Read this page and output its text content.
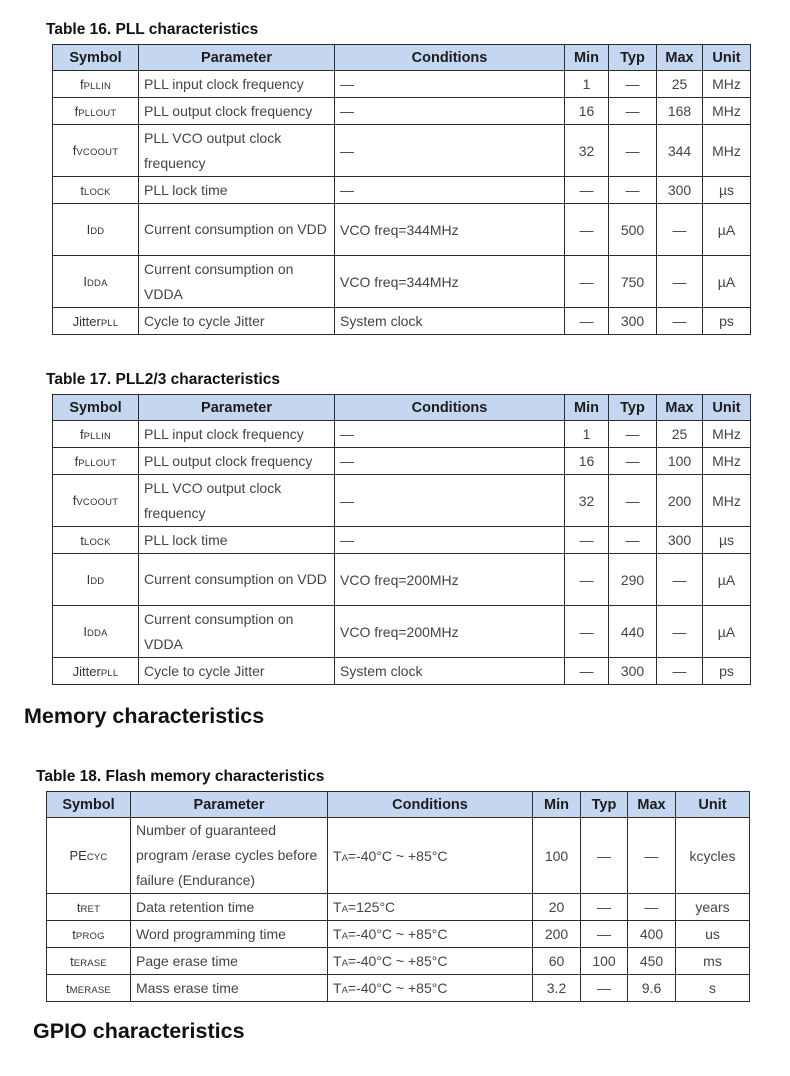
Table 16. PLL characteristics
Symbol	Parameter	Conditions	Min	Typ	Max	Unit
fPLLIN	PLL input clock frequency	—	1	—	25	MHz
fPLLOUT	PLL output clock frequency	—	16	—	168	MHz
fVCOOUT	PLL VCO output clock frequency	—	32	—	344	MHz
tLOCK	PLL lock time	—	—	—	300	µs
IDD	Current consumption on VDD	VCO freq=344MHz	—	500	—	µA
IDDA	Current consumption on VDDA	VCO freq=344MHz	—	750	—	µA
JitterPLL	Cycle to cycle Jitter	System clock	—	300	—	ps
Table 17. PLL2/3 characteristics
Symbol	Parameter	Conditions	Min	Typ	Max	Unit
fPLLIN	PLL input clock frequency	—	1	—	25	MHz
fPLLOUT	PLL output clock frequency	—	16	—	100	MHz
fVCOOUT	PLL VCO output clock frequency	—	32	—	200	MHz
tLOCK	PLL lock time	—	—	—	300	µs
IDD	Current consumption on VDD	VCO freq=200MHz	—	290	—	µA
IDDA	Current consumption on VDDA	VCO freq=200MHz	—	440	—	µA
JitterPLL	Cycle to cycle Jitter	System clock	—	300	—	ps
Memory characteristics
Table 18. Flash memory characteristics
Symbol	Parameter	Conditions	Min	Typ	Max	Unit
PECYC	Number of guaranteed program /erase cycles before failure (Endurance)	TA=-40°C ~ +85°C	100	—	—	kcycles
tRET	Data retention time	TA=125°C	20	—	—	years
tPROG	Word programming time	TA=-40°C ~ +85°C	200	—	400	us
tERASE	Page erase time	TA=-40°C ~ +85°C	60	100	450	ms
tMERASE	Mass erase time	TA=-40°C ~ +85°C	3.2	—	9.6	s
GPIO characteristics
